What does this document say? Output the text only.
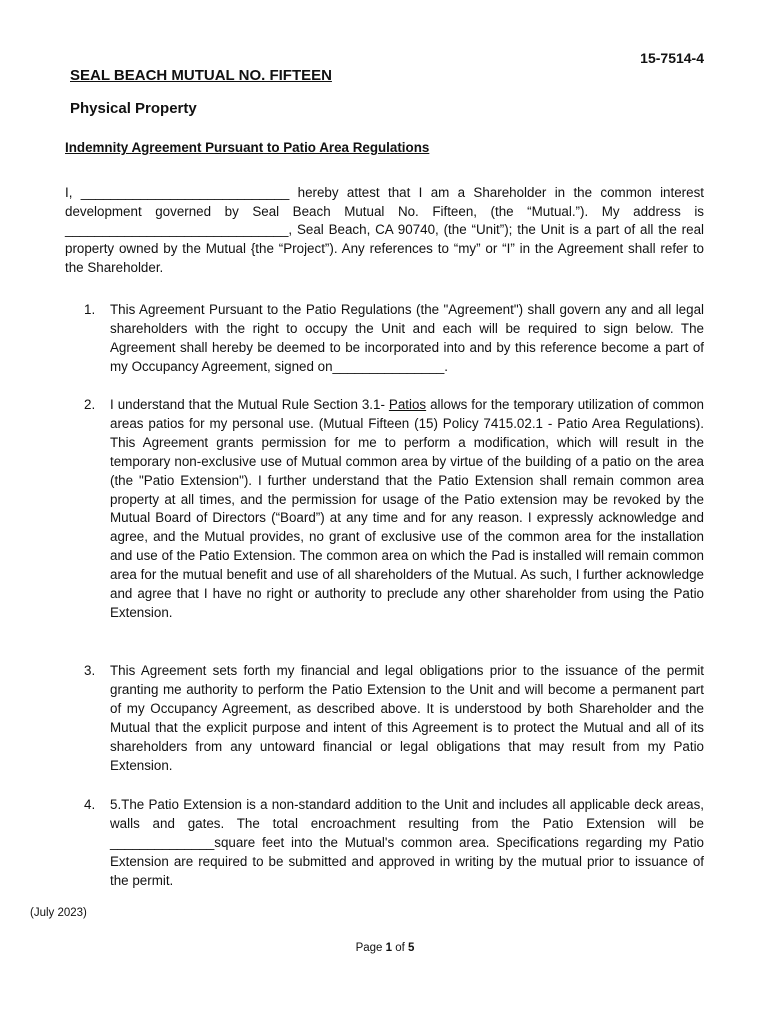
15-7514-4
SEAL BEACH MUTUAL NO. FIFTEEN
Physical Property
Indemnity Agreement Pursuant to Patio Area Regulations

I, ____________________________ hereby attest that I am a Shareholder in the common interest development governed by Seal Beach Mutual No. Fifteen, (the “Mutual.”). My address is ______________________________, Seal Beach, CA 90740, (the “Unit”); the Unit is a part of all the real property owned by the Mutual {the “Project”). Any references to “my” or “I” in the Agreement shall refer to the Shareholder.

1.	This Agreement Pursuant to the Patio Regulations (the "Agreement") shall govern any and all legal shareholders with the right to occupy the Unit and each will be required to sign below. The Agreement shall hereby be deemed to be incorporated into and by this reference become a part of my Occupancy Agreement, signed on_______________.
2.	I understand that the Mutual Rule Section 3.1- Patios allows for the temporary utilization of common areas patios for my personal use. (Mutual Fifteen (15) Policy 7415.02.1 - Patio Area Regulations). This Agreement grants permission for me to perform a modification, which will result in the temporary non-exclusive use of Mutual common area by virtue of the building of a patio on the area (the "Patio Extension"). I further understand that the Patio Extension shall remain common area property at all times, and the permission for usage of the Patio extension may be revoked by the Mutual Board of Directors (“Board”) at any time and for any reason. I expressly acknowledge and agree, and the Mutual provides, no grant of exclusive use of the common area for the installation and use of the Patio Extension. The common area on which the Pad is installed will remain common area for the mutual benefit and use of all shareholders of the Mutual. As such, I further acknowledge and agree that I have no right or authority to preclude any other shareholder from using the Patio Extension.
3.	This Agreement sets forth my financial and legal obligations prior to the issuance of the permit granting me authority to perform the Patio Extension to the Unit and will become a permanent part of my Occupancy Agreement, as described above. It is understood by both Shareholder and the Mutual that the explicit purpose and intent of this Agreement is to protect the Mutual and all of its shareholders from any untoward financial or legal obligations that may result from my Patio Extension.
4.	5.The Patio Extension is a non-standard addition to the Unit and includes all applicable deck areas, walls and gates. The total encroachment resulting from the Patio Extension will be ______________square feet into the Mutual's common area. Specifications regarding my Patio Extension are required to be submitted and approved in writing by the mutual prior to issuance of the permit.
(July 2023)
Page 1 of 5
